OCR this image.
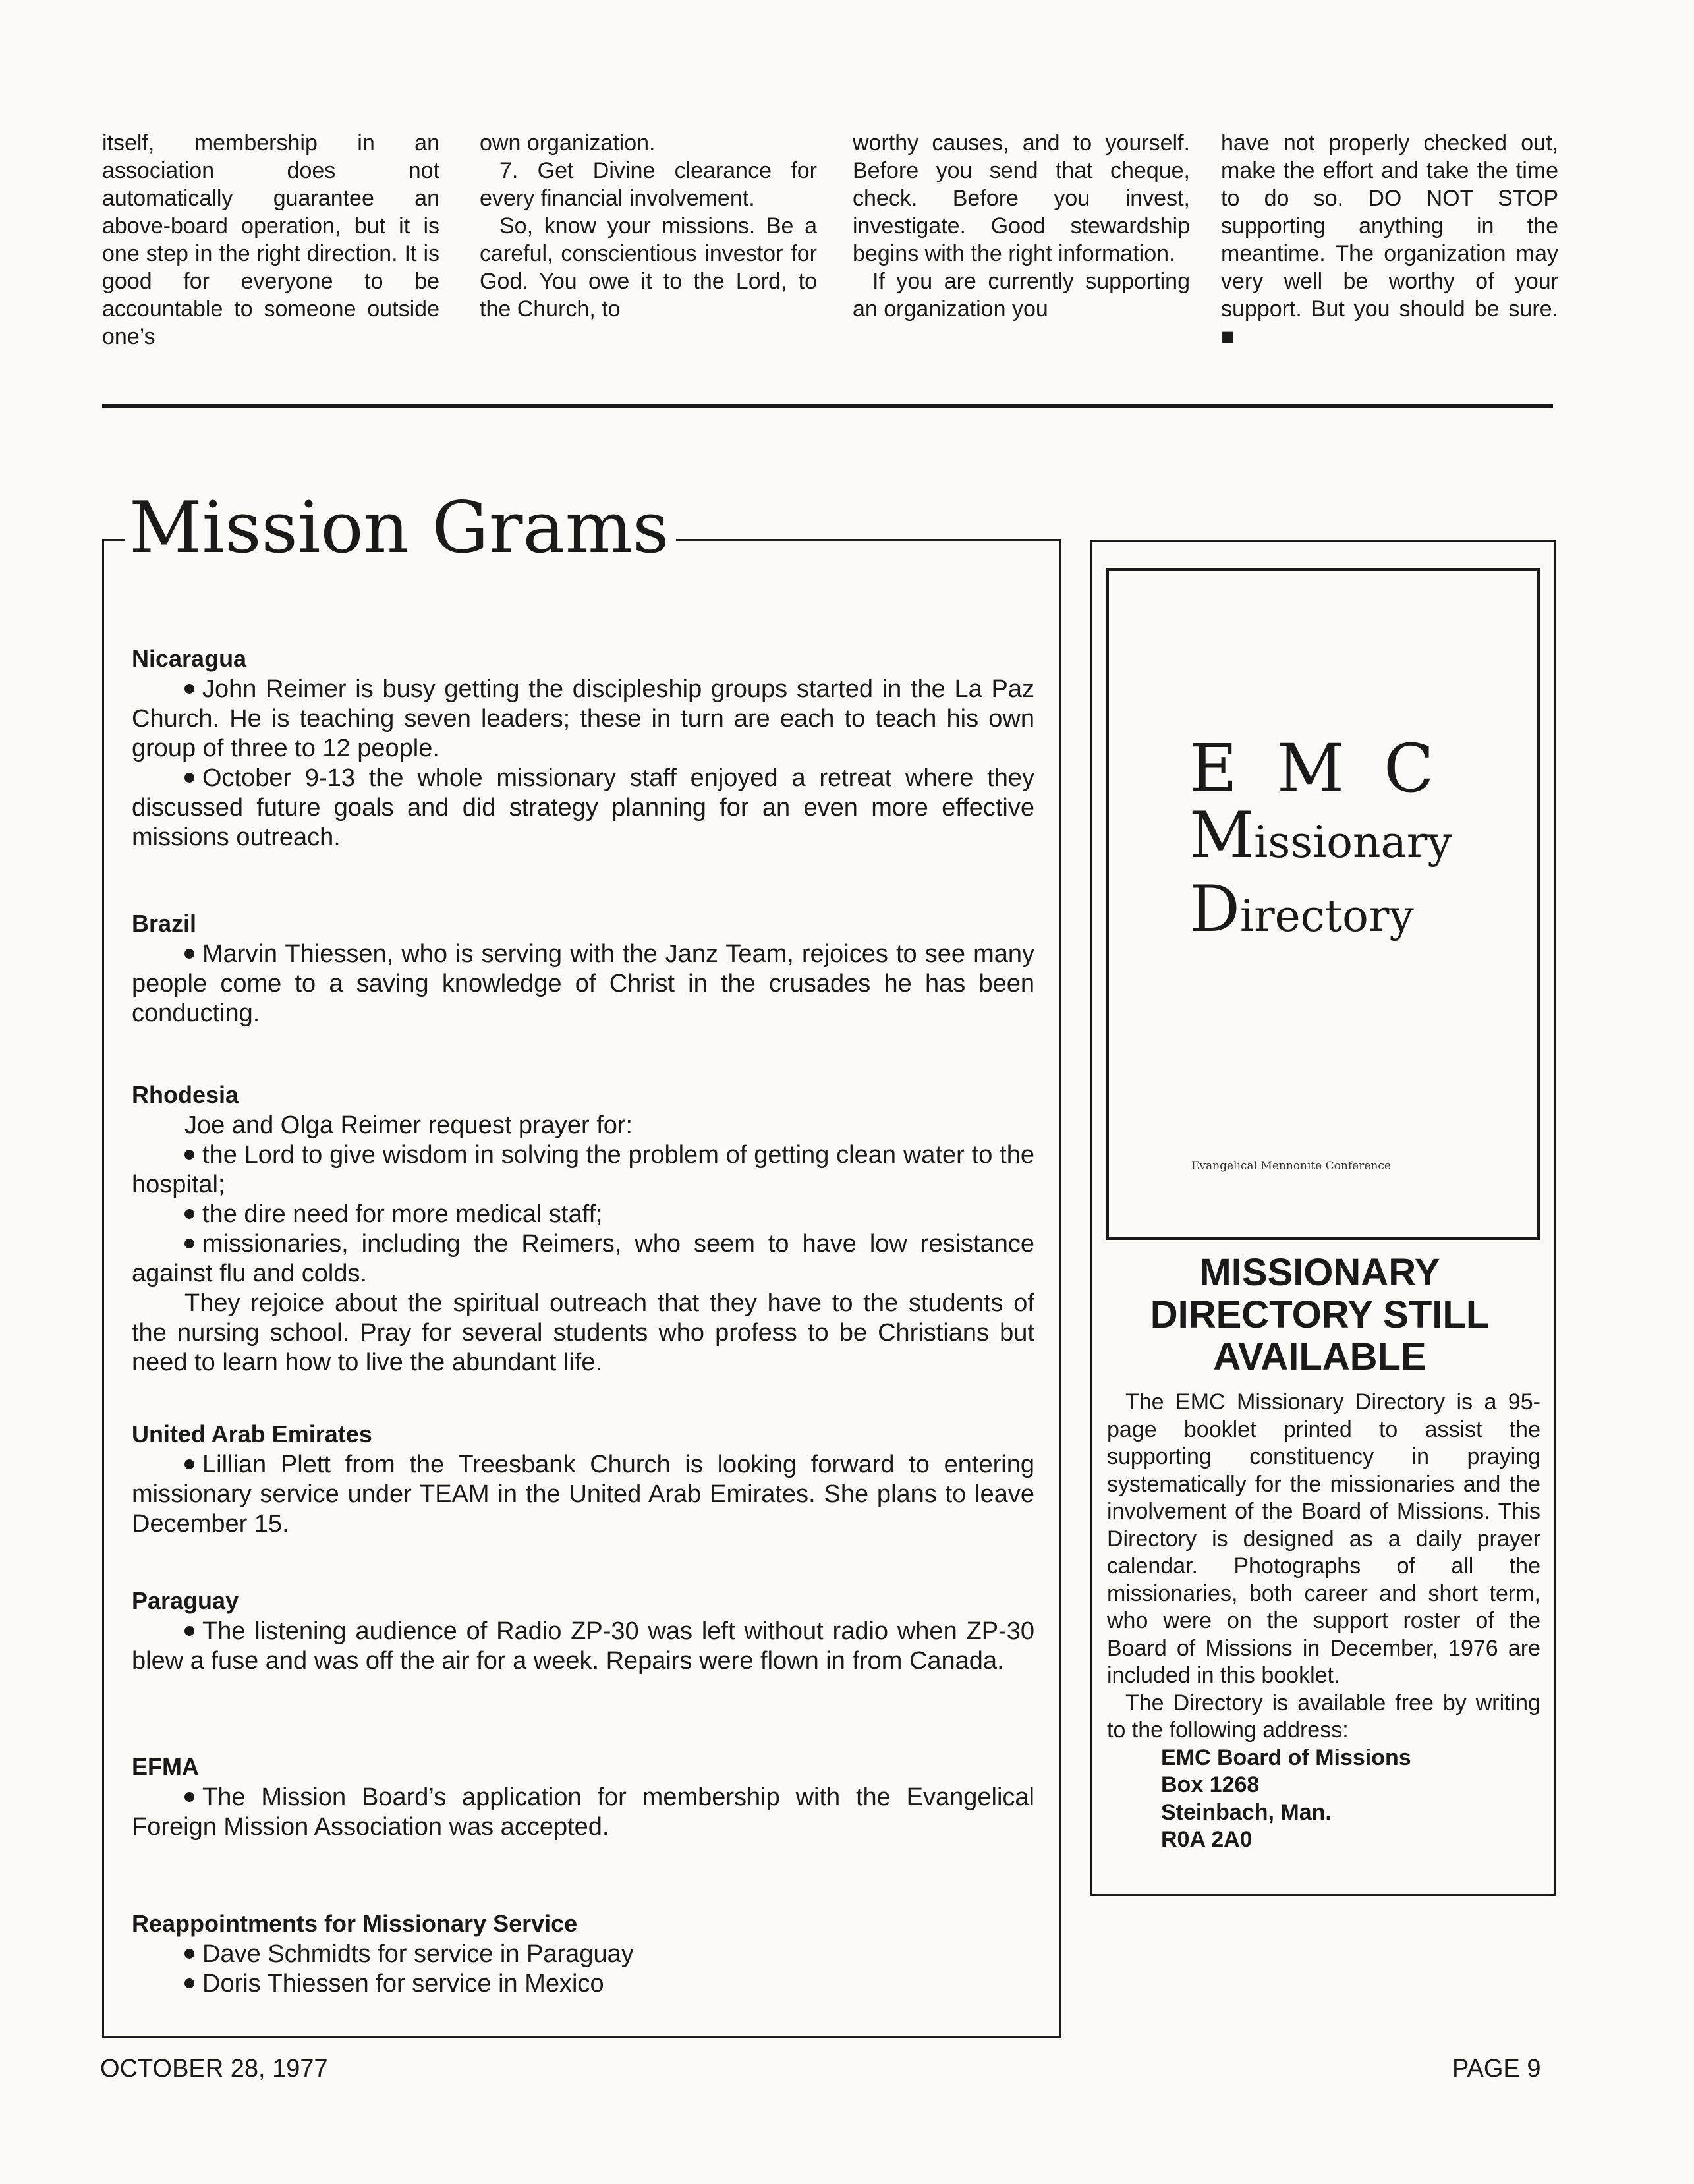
itself, membership in an association does not automatically guarantee an above-board operation, but it is one step in the right direction. It is good for everyone to be accountable to someone outside one’s

own organization.

7. Get Divine clearance for every financial involvement.

So, know your missions. Be a careful, conscientious investor for God. You owe it to the Lord, to the Church, to

worthy causes, and to yourself. Before you send that cheque, check. Before you invest, investigate. Good stewardship begins with the right information.

If you are currently supporting an organization you

have not properly checked out, make the effort and take the time to do so. DO NOT STOP supporting anything in the meantime. The organization may very well be worthy of your support. But you should be sure. ■

Mission Grams
Nicaragua

John Reimer is busy getting the discipleship groups started in the La Paz Church. He is teaching seven leaders; these in turn are each to teach his own group of three to 12 people.

October 9-13 the whole missionary staff enjoyed a retreat where they discussed future goals and did strategy planning for an even more effective missions outreach.

Brazil

Marvin Thiessen, who is serving with the Janz Team, rejoices to see many people come to a saving knowledge of Christ in the crusades he has been conducting.

Rhodesia

Joe and Olga Reimer request prayer for:

the Lord to give wisdom in solving the problem of getting clean water to the hospital;

the dire need for more medical staff;

missionaries, including the Reimers, who seem to have low resistance against flu and colds.

They rejoice about the spiritual outreach that they have to the students of the nursing school. Pray for several students who profess to be Christians but need to learn how to live the abundant life.

United Arab Emirates

Lillian Plett from the Treesbank Church is looking forward to entering missionary service under TEAM in the United Arab Emirates. She plans to leave December 15.

Paraguay

The listening audience of Radio ZP-30 was left without radio when ZP-30 blew a fuse and was off the air for a week. Repairs were flown in from Canada.

EFMA

The Mission Board’s application for membership with the Evangelical Foreign Mission Association was accepted.

Reappointments for Missionary Service

Dave Schmidts for service in Paraguay

Doris Thiessen for service in Mexico

E M C
Missionary
Directory
Evangelical Mennonite Conference
MISSIONARY
DIRECTORY STILL
AVAILABLE

The EMC Missionary Directory is a 95-page booklet printed to assist the supporting constituency in praying systematically for the missionaries and the involvement of the Board of Missions. This Directory is designed as a daily prayer calendar. Photographs of all the missionaries, both career and short term, who were on the support roster of the Board of Missions in December, 1976 are included in this booklet.

The Directory is available free by writing to the following address:

EMC Board of Missions
Box 1268
Steinbach, Man.
R0A 2A0
OCTOBER 28, 1977	PAGE 9
